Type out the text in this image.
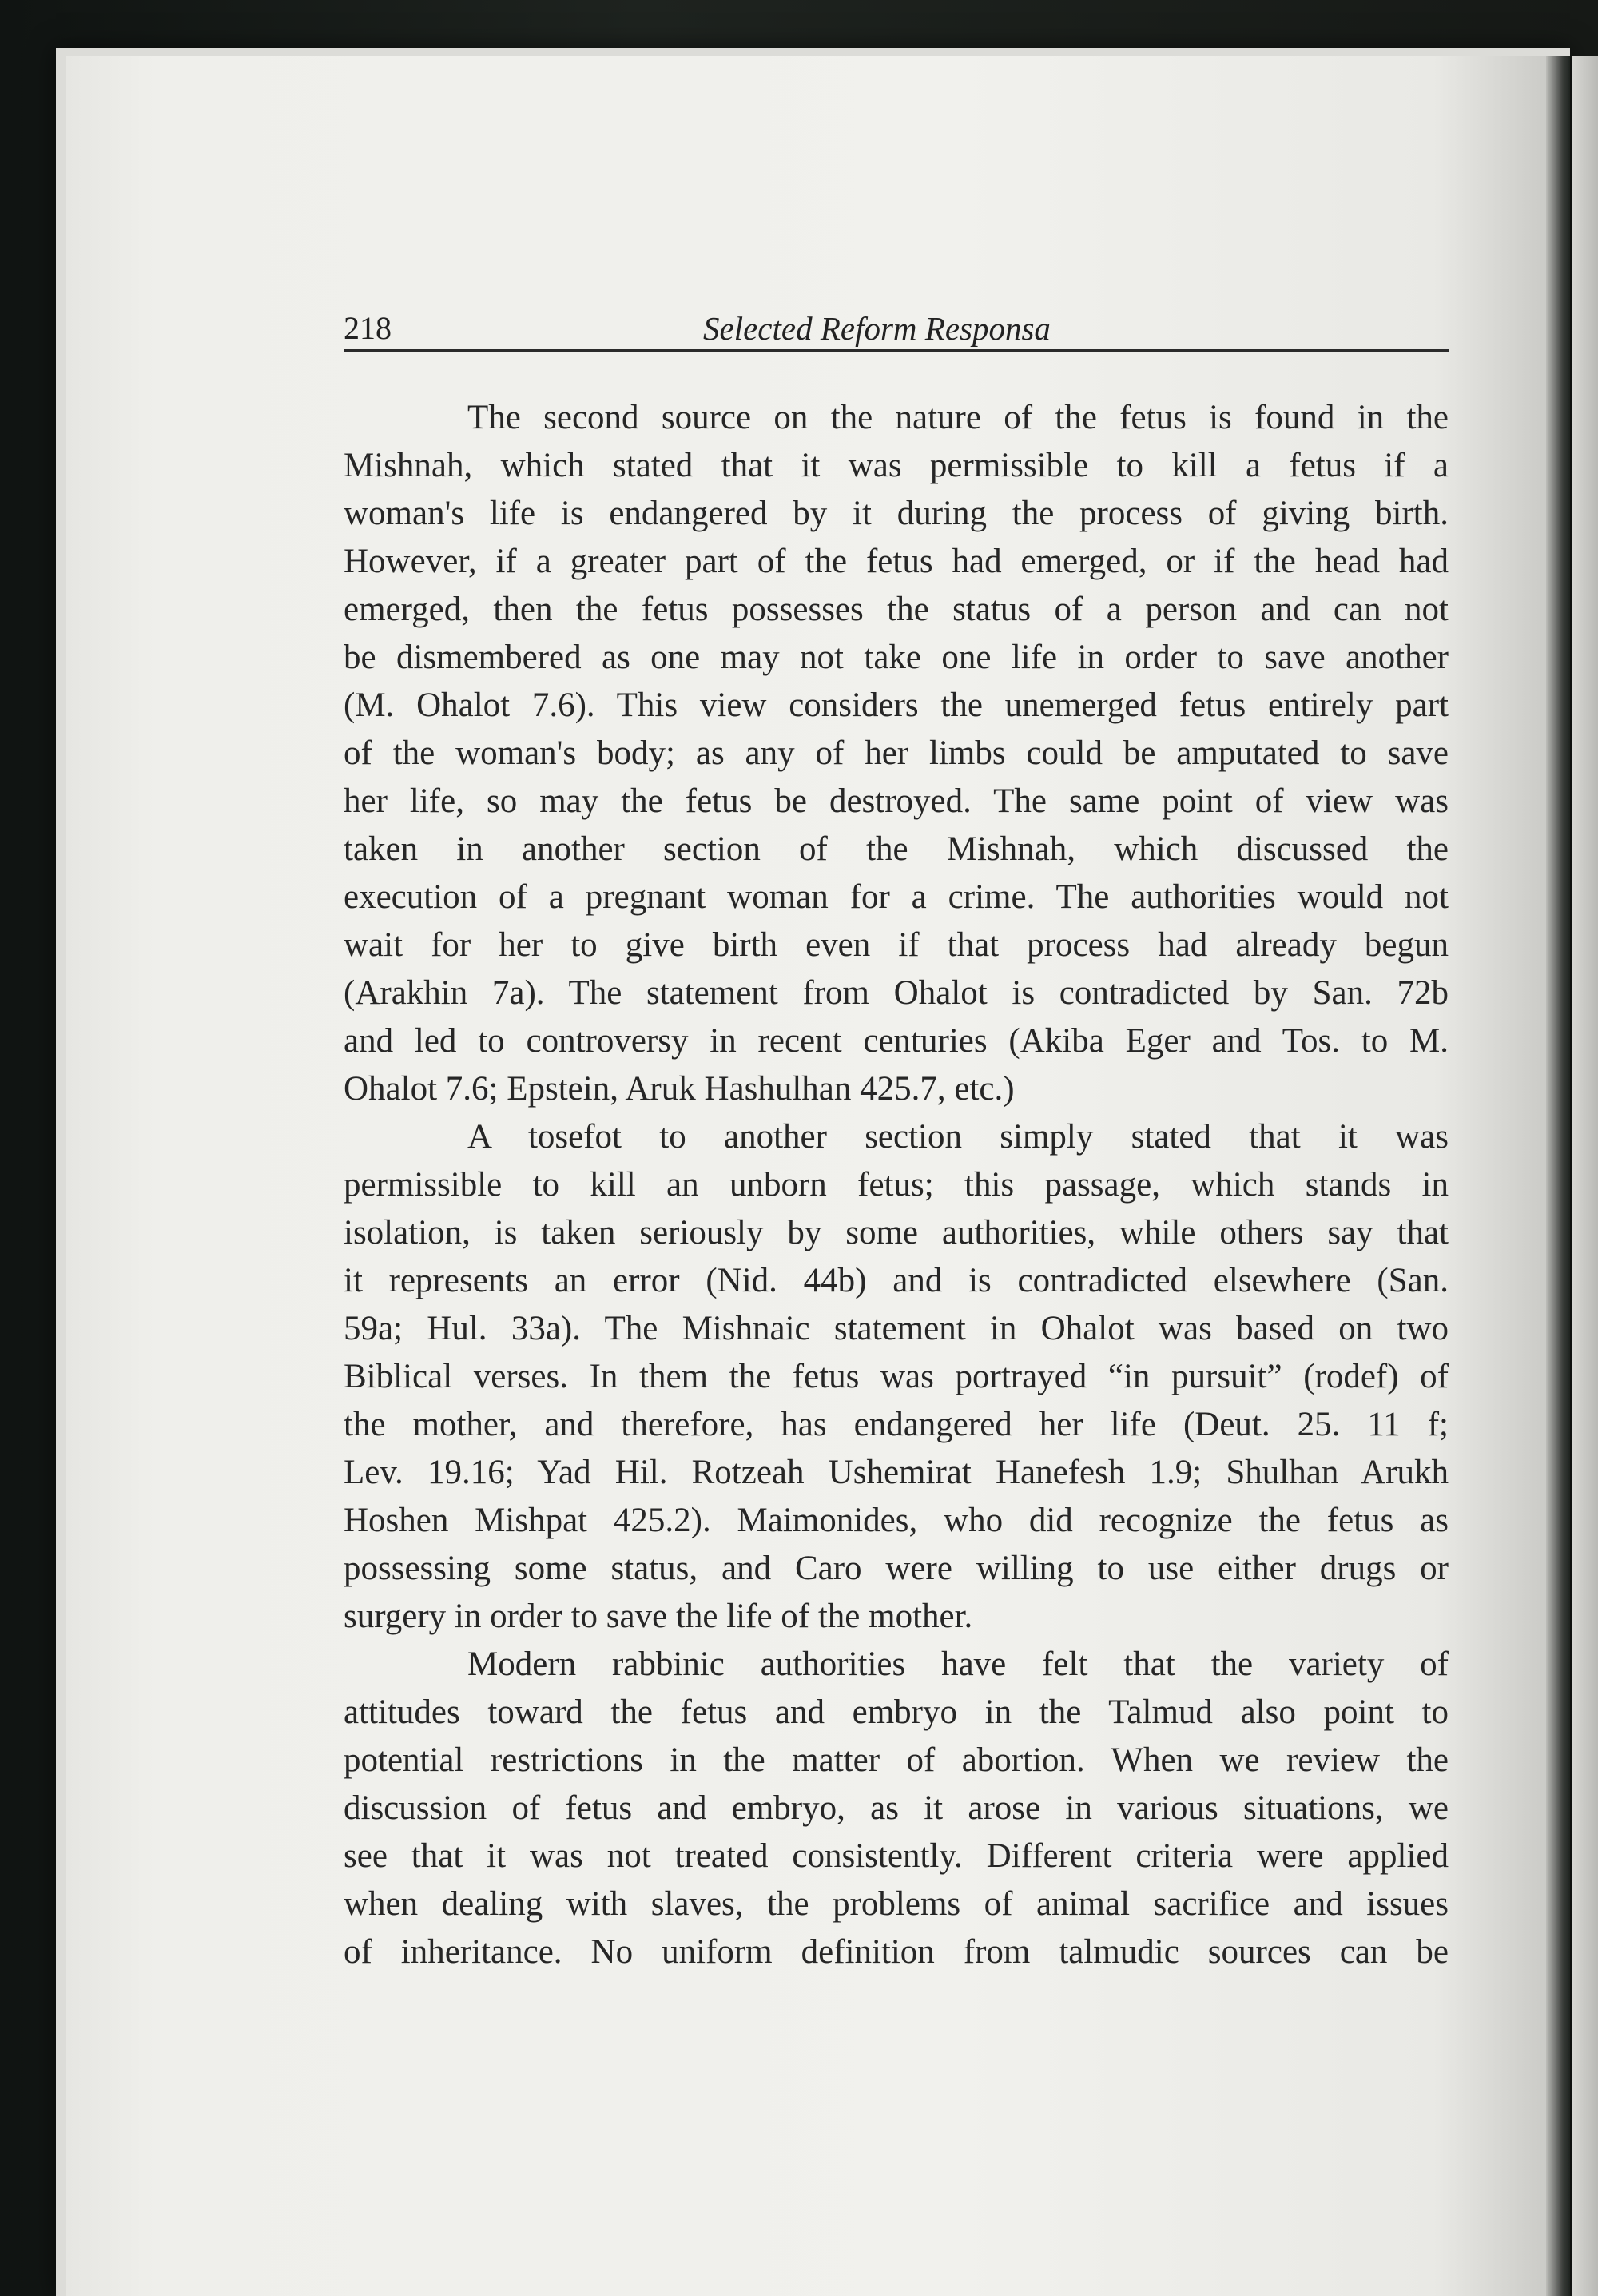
218	Selected Reform Responsa
The second source on the nature of the fetus is found in the
Mishnah, which stated that it was permissible to kill a fetus if a
woman's life is endangered by it during the process of giving birth.
However, if a greater part of the fetus had emerged, or if the head had
emerged, then the fetus possesses the status of a person and can not
be dismembered as one may not take one life in order to save another
(M. Ohalot 7.6). This view considers the unemerged fetus entirely part
of the woman's body; as any of her limbs could be amputated to save
her life, so may the fetus be destroyed. The same point of view was
taken in another section of the Mishnah, which discussed the
execution of a pregnant woman for a crime. The authorities would not
wait for her to give birth even if that process had already begun
(Arakhin 7a). The statement from Ohalot is contradicted by San. 72b
and led to controversy in recent centuries (Akiba Eger and Tos. to M.
Ohalot 7.6; Epstein, Aruk Hashulhan 425.7, etc.)
A tosefot to another section simply stated that it was
permissible to kill an unborn fetus; this passage, which stands in
isolation, is taken seriously by some authorities, while others say that
it represents an error (Nid. 44b) and is contradicted elsewhere (San.
59a; Hul. 33a). The Mishnaic statement in Ohalot was based on two
Biblical verses. In them the fetus was portrayed “in pursuit” (rodef) of
the mother, and therefore, has endangered her life (Deut. 25. 11 f;
Lev. 19.16; Yad Hil. Rotzeah Ushemirat Hanefesh 1.9; Shulhan Arukh
Hoshen Mishpat 425.2). Maimonides, who did recognize the fetus as
possessing some status, and Caro were willing to use either drugs or
surgery in order to save the life of the mother.
Modern rabbinic authorities have felt that the variety of
attitudes toward the fetus and embryo in the Talmud also point to
potential restrictions in the matter of abortion. When we review the
discussion of fetus and embryo, as it arose in various situations, we
see that it was not treated consistently. Different criteria were applied
when dealing with slaves, the problems of animal sacrifice and issues
of inheritance. No uniform definition from talmudic sources can be
